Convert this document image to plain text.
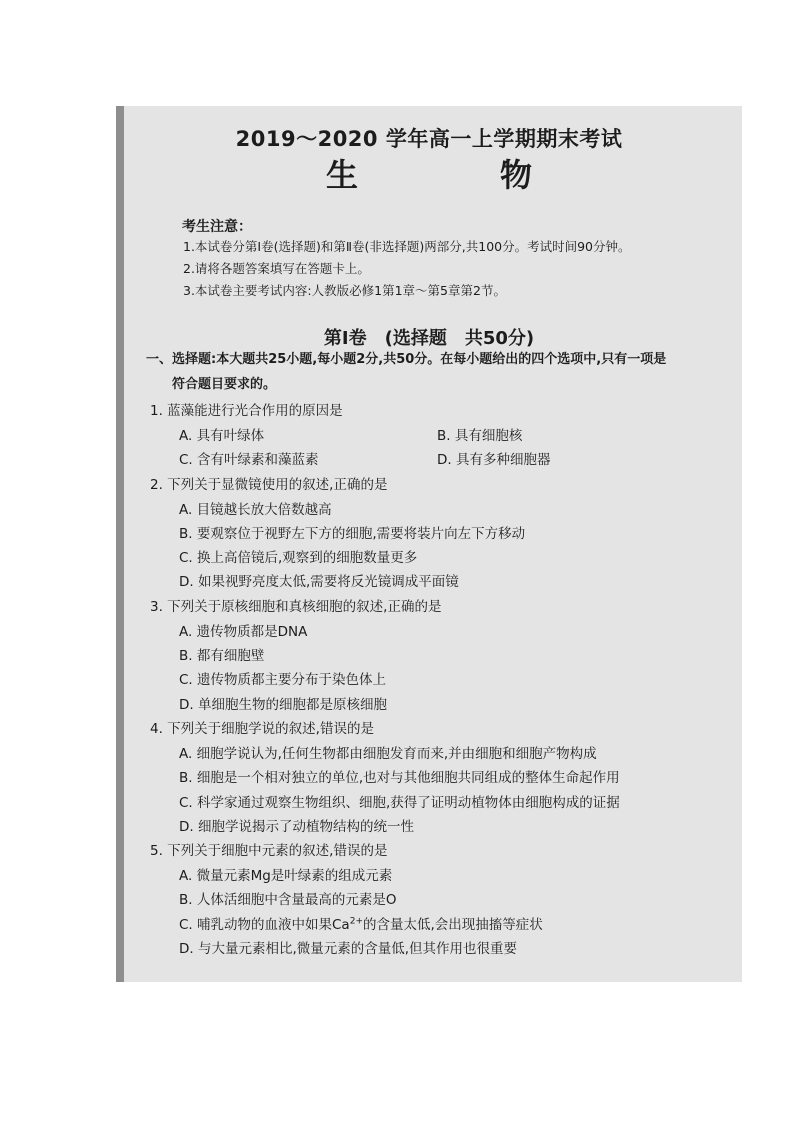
2019～2020 学年高一上学期期末考试
生　物
考生注意：
1.本试卷分第Ⅰ卷(选择题)和第Ⅱ卷(非选择题)两部分,共100分。考试时间90分钟。
2.请将各题答案填写在答题卡上。
3.本试卷主要考试内容:人教版必修1第1章～第5章第2节。
第Ⅰ卷　(选择题　共50分)
一、选择题:本大题共25小题,每小题2分,共50分。在每小题给出的四个选项中,只有一项是
符合题目要求的。
1. 蓝藻能进行光合作用的原因是
A. 具有叶绿体	B. 具有细胞核
C. 含有叶绿素和藻蓝素	D. 具有多种细胞器
2. 下列关于显微镜使用的叙述,正确的是
A. 目镜越长放大倍数越高
B. 要观察位于视野左下方的细胞,需要将装片向左下方移动
C. 换上高倍镜后,观察到的细胞数量更多
D. 如果视野亮度太低,需要将反光镜调成平面镜
3. 下列关于原核细胞和真核细胞的叙述,正确的是
A. 遗传物质都是DNA
B. 都有细胞壁
C. 遗传物质都主要分布于染色体上
D. 单细胞生物的细胞都是原核细胞
4. 下列关于细胞学说的叙述,错误的是
A. 细胞学说认为,任何生物都由细胞发育而来,并由细胞和细胞产物构成
B. 细胞是一个相对独立的单位,也对与其他细胞共同组成的整体生命起作用
C. 科学家通过观察生物组织、细胞,获得了证明动植物体由细胞构成的证据
D. 细胞学说揭示了动植物结构的统一性
5. 下列关于细胞中元素的叙述,错误的是
A. 微量元素Mg是叶绿素的组成元素
B. 人体活细胞中含量最高的元素是O
C. 哺乳动物的血液中如果$Ca^{2+}$的含量太低,会出现抽搐等症状
D. 与大量元素相比,微量元素的含量低,但其作用也很重要
